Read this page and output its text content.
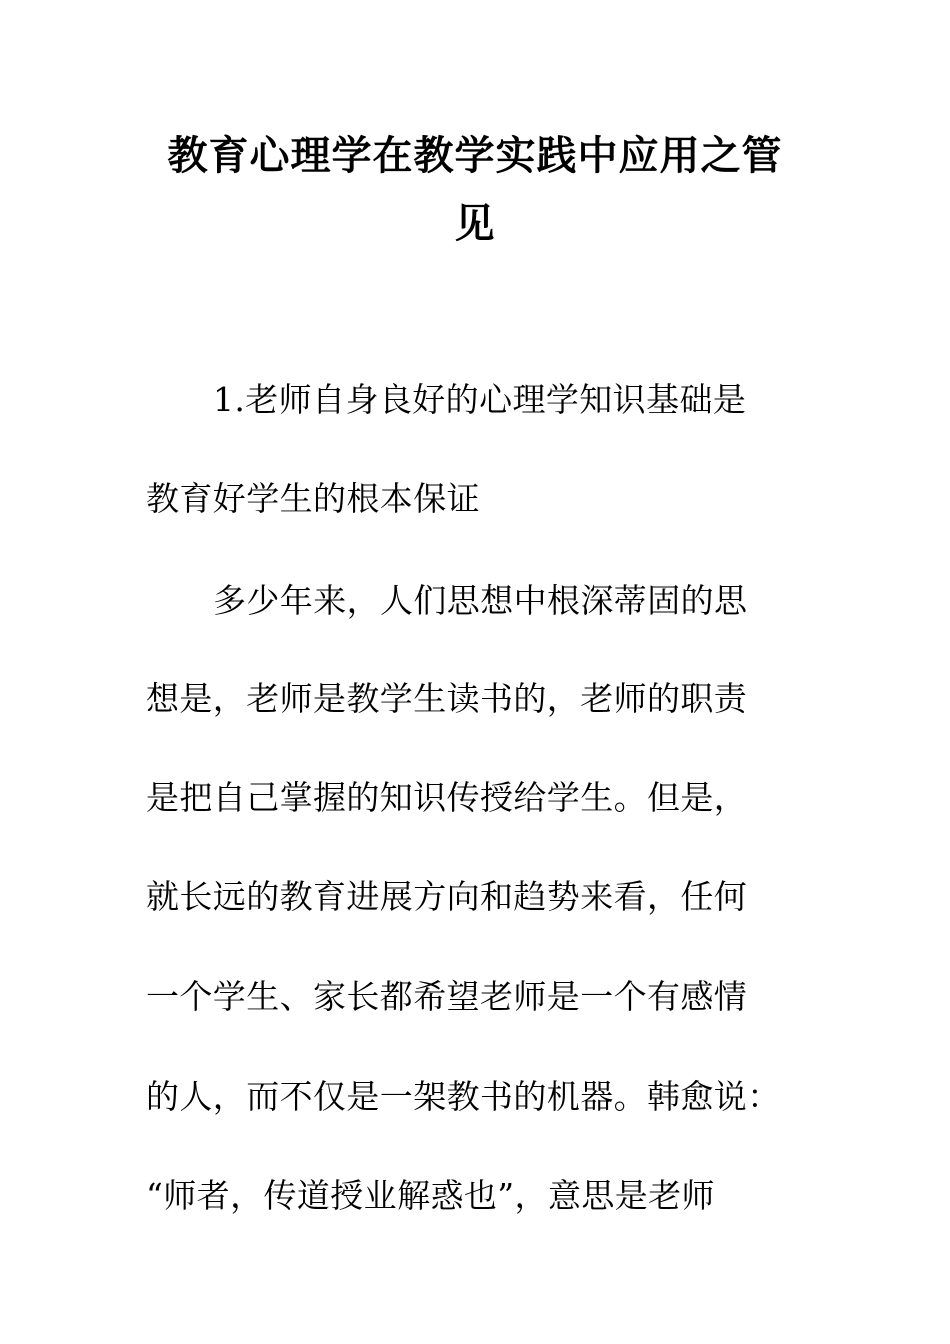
教育心理学在教学实践中应用之管
见

1.老师自身良好的心理学知识基础是

教育好学生的根本保证

多少年来，人们思想中根深蒂固的思

想是，老师是教学生读书的，老师的职责

是把自己掌握的知识传授给学生。但是，

就长远的教育进展方向和趋势来看，任何

一个学生、家长都希望老师是一个有感情

的人，而不仅是一架教书的机器。韩愈说：

“师者，传道授业解惑也”，意思是老师
